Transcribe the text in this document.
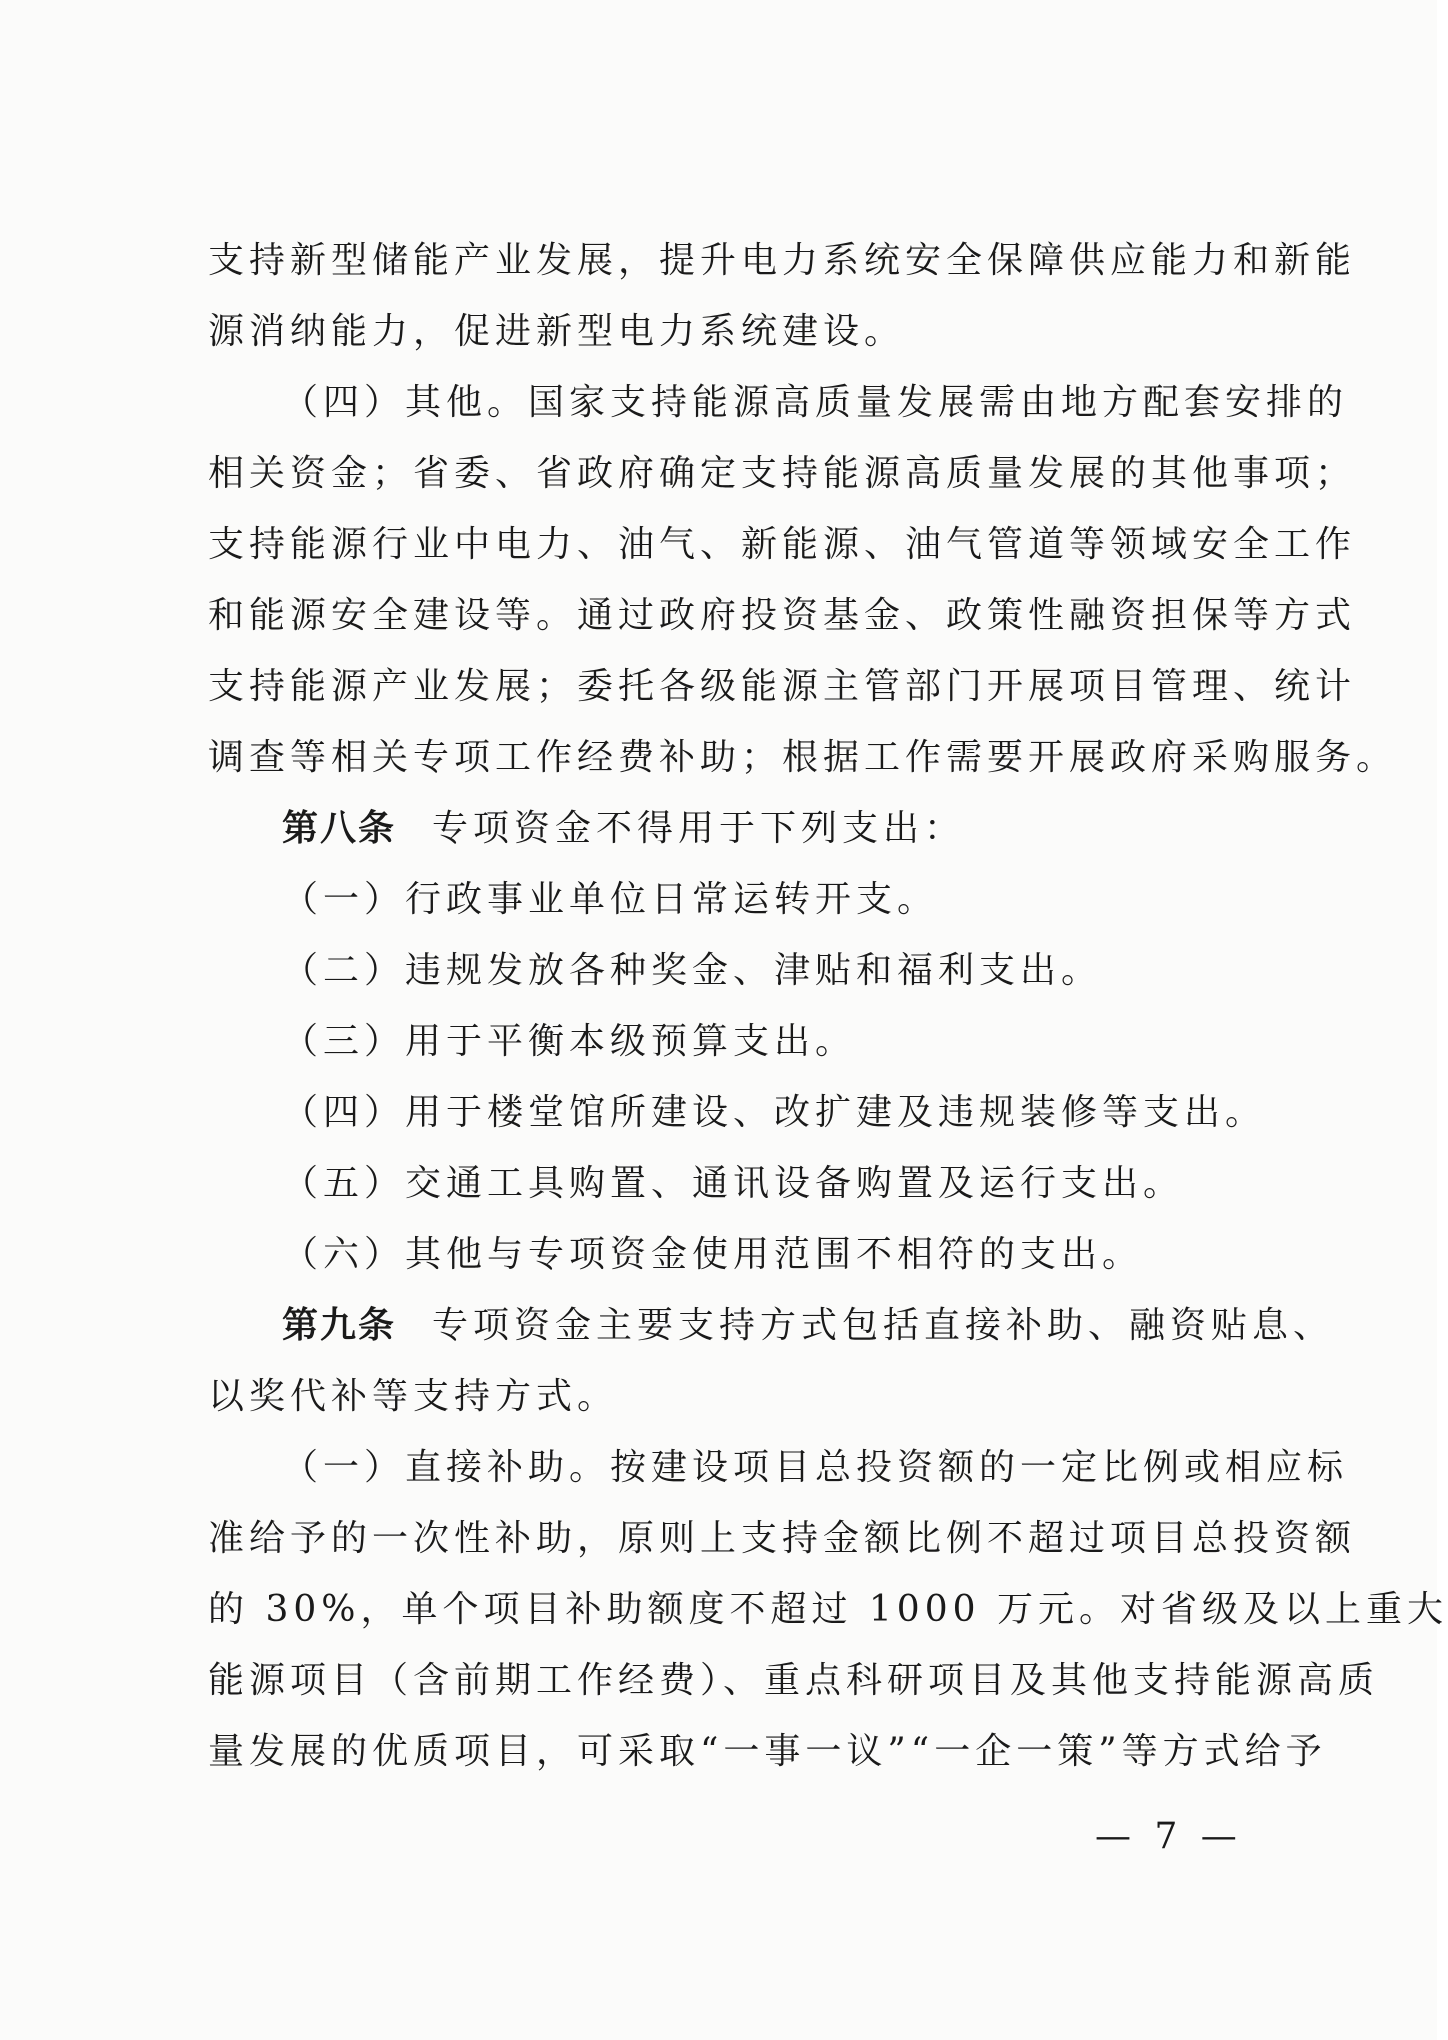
支持新型储能产业发展，提升电力系统安全保障供应能力和新能
源消纳能力，促进新型电力系统建设。
（四）其他。国家支持能源高质量发展需由地方配套安排的
相关资金；省委、省政府确定支持能源高质量发展的其他事项；
支持能源行业中电力、油气、新能源、油气管道等领域安全工作
和能源安全建设等。通过政府投资基金、政策性融资担保等方式
支持能源产业发展；委托各级能源主管部门开展项目管理、统计
调查等相关专项工作经费补助；根据工作需要开展政府采购服务。
第八条 专项资金不得用于下列支出：
（一）行政事业单位日常运转开支。
（二）违规发放各种奖金、津贴和福利支出。
（三）用于平衡本级预算支出。
（四）用于楼堂馆所建设、改扩建及违规装修等支出。
（五）交通工具购置、通讯设备购置及运行支出。
（六）其他与专项资金使用范围不相符的支出。
第九条 专项资金主要支持方式包括直接补助、融资贴息、
以奖代补等支持方式。
（一）直接补助。按建设项目总投资额的一定比例或相应标
准给予的一次性补助，原则上支持金额比例不超过项目总投资额
的 30%，单个项目补助额度不超过 1000 万元。对省级及以上重大
能源项目（含前期工作经费）、重点科研项目及其他支持能源高质
量发展的优质项目，可采取“一事一议”“一企一策”等方式给予
— 7 —
